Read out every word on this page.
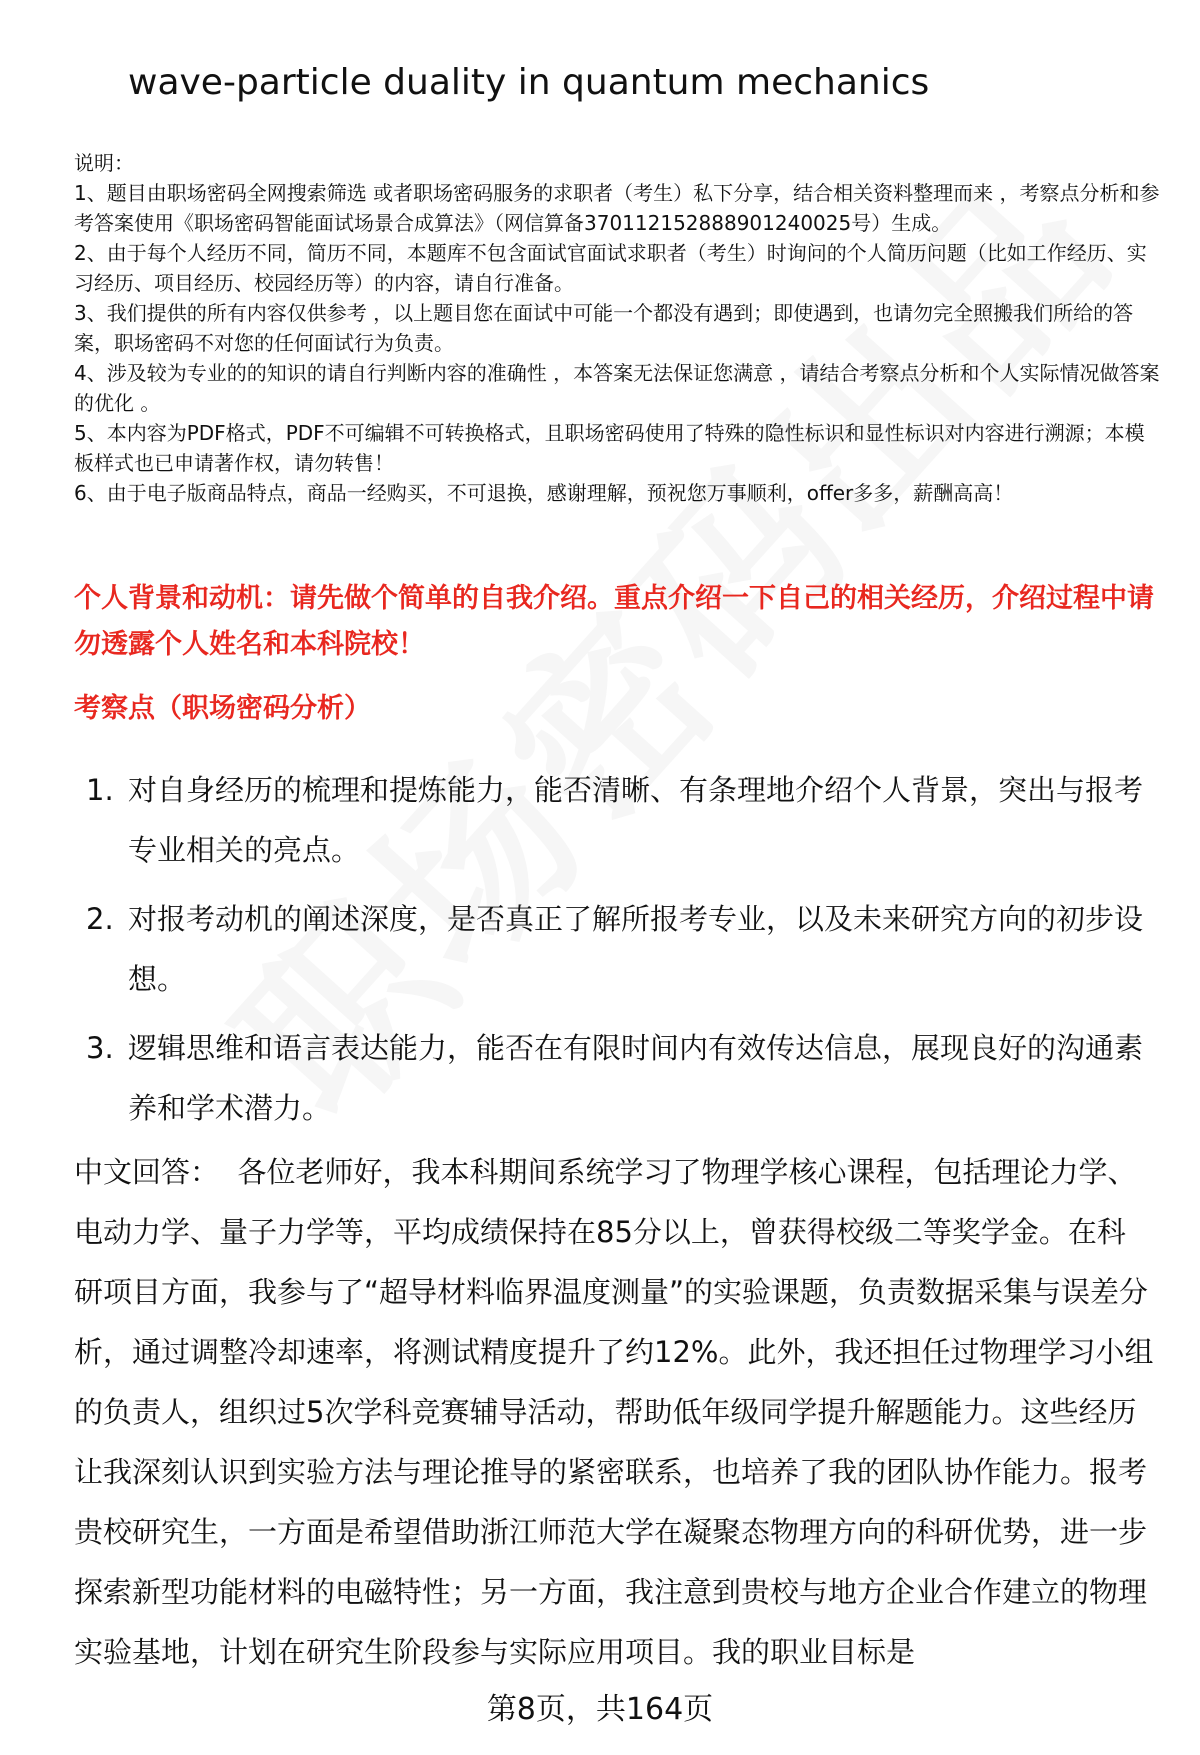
wave-particle duality in quantum mechanics
说明：
1、题目由职场密码全网搜索筛选 或者职场密码服务的求职者（考生）私下分享，结合相关资料整理而来 ，考察点分析和参考答案使用《职场密码智能面试场景合成算法》（网信算备370112152888901240025号）生成。
2、由于每个人经历不同，简历不同，本题库不包含面试官面试求职者（考生）时询问的个人简历问题（比如工作经历、实习经历、项目经历、校园经历等）的内容，请自行准备。
3、我们提供的所有内容仅供参考 ，以上题目您在面试中可能一个都没有遇到；即使遇到，也请勿完全照搬我们所给的答案，职场密码不对您的任何面试行为负责。
4、涉及较为专业的的知识的请自行判断内容的准确性 ，本答案无法保证您满意 ，请结合考察点分析和个人实际情况做答案的优化 。
5、本内容为PDF格式，PDF不可编辑不可转换格式，且职场密码使用了特殊的隐性标识和显性标识对内容进行溯源；本模板样式也已申请著作权，请勿转售！
6、由于电子版商品特点，商品一经购买，不可退换，感谢理解，预祝您万事顺利，offer多多，薪酬高高！
个人背景和动机：请先做个简单的自我介绍。重点介绍一下自己的相关经历，介绍过程中请勿透露个人姓名和本科院校！
考察点（职场密码分析）
1. 对自身经历的梳理和提炼能力，能否清晰、有条理地介绍个人背景，突出与报考专业相关的亮点。
2. 对报考动机的阐述深度，是否真正了解所报考专业，以及未来研究方向的初步设想。
3. 逻辑思维和语言表达能力，能否在有限时间内有效传达信息，展现良好的沟通素养和学术潜力。
中文回答： 各位老师好，我本科期间系统学习了物理学核心课程，包括理论力学、电动力学、量子力学等，平均成绩保持在85分以上，曾获得校级二等奖学金。在科研项目方面，我参与了“超导材料临界温度测量”的实验课题，负责数据采集与误差分析，通过调整冷却速率，将测试精度提升了约12%。此外，我还担任过物理学习小组的负责人，组织过5次学科竞赛辅导活动，帮助低年级同学提升解题能力。这些经历让我深刻认识到实验方法与理论推导的紧密联系，也培养了我的团队协作能力。报考贵校研究生，一方面是希望借助浙江师范大学在凝聚态物理方向的科研优势，进一步探索新型功能材料的电磁特性；另一方面，我注意到贵校与地方企业合作建立的物理实验基地，计划在研究生阶段参与实际应用项目。我的职业目标是
第8页，共164页
